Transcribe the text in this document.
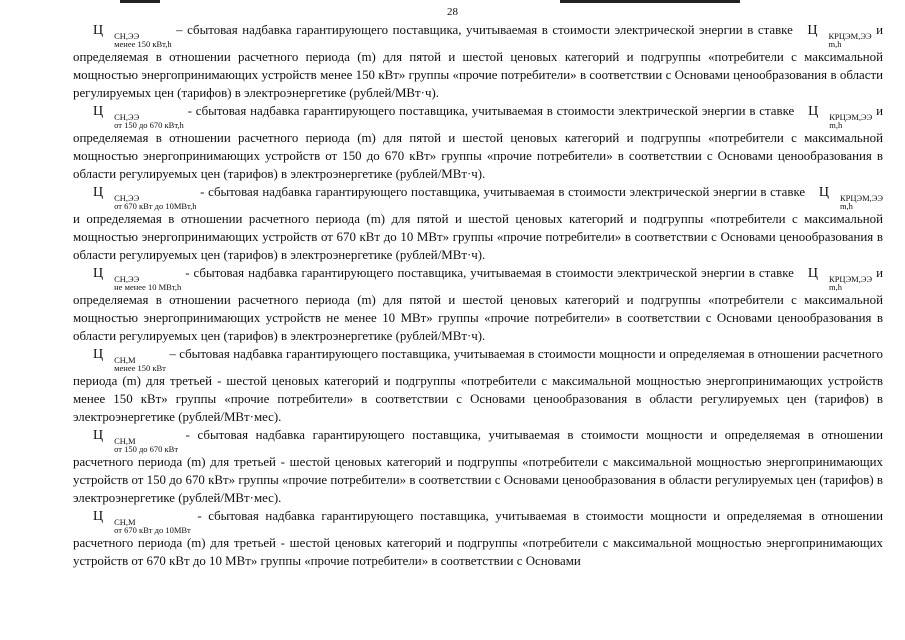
28

Ц	СН,ЭЭ
менее 150 кВт,h
– сбытовая надбавка гарантирующего поставщика, учитываемая в стоимости электрической энергии в ставке Ц	КРЦЭМ,ЭЭ
m,h
и определяемая в отношении расчетного периода (m) для пятой и шестой ценовых категорий и подгруппы «потребители с максимальной мощностью энергопринимающих устройств менее 150 кВт» группы «прочие потребители» в соответствии с Основами ценообразования в области регулируемых цен (тарифов) в электроэнергетике (рублей/МВт·ч).

Ц	СН,ЭЭ
от 150 до 670 кВт,h
- сбытовая надбавка гарантирующего поставщика, учитываемая в стоимости электрической энергии в ставке Ц	КРЦЭМ,ЭЭ
m,h
и определяемая в отношении расчетного периода (m) для пятой и шестой ценовых категорий и подгруппы «потребители с максимальной мощностью энергопринимающих устройств от 150 до 670 кВт» группы «прочие потребители» в соответствии с Основами ценообразования в области регулируемых цен (тарифов) в электроэнергетике (рублей/МВт·ч).

Ц	СН,ЭЭ
от 670 кВт до 10МВт,h
- сбытовая надбавка гарантирующего поставщика, учитываемая в стоимости электрической энергии в ставке Ц	КРЦЭМ,ЭЭ
m,h
и определяемая в отношении расчетного периода (m) для пятой и шестой ценовых категорий и подгруппы «потребители с максимальной мощностью энергопринимающих устройств от 670 кВт до 10 МВт» группы «прочие потребители» в соответствии с Основами ценообразования в области регулируемых цен (тарифов) в электроэнергетике (рублей/МВт·ч).

Ц	СН,ЭЭ
не менее 10 МВт,h
- сбытовая надбавка гарантирующего поставщика, учитываемая в стоимости электрической энергии в ставке Ц	КРЦЭМ,ЭЭ
m,h
и определяемая в отношении расчетного периода (m) для пятой и шестой ценовых категорий и подгруппы «потребители с максимальной мощностью энергопринимающих устройств не менее 10 МВт» группы «прочие потребители» в соответствии с Основами ценообразования в области регулируемых цен (тарифов) в электроэнергетике (рублей/МВт·ч).

Ц	СН,М
менее 150 кВт
– сбытовая надбавка гарантирующего поставщика, учитываемая в стоимости мощности и определяемая в отношении расчетного периода (m) для третьей - шестой ценовых категорий и подгруппы «потребители с максимальной мощностью энергопринимающих устройств менее 150 кВт» группы «прочие потребители» в соответствии с Основами ценообразования в области регулируемых цен (тарифов) в электроэнергетике (рублей/МВт·мес).

Ц	СН,М
от 150 до 670 кВт
- сбытовая надбавка гарантирующего поставщика, учитываемая в стоимости мощности и определяемая в отношении расчетного периода (m) для третьей - шестой ценовых категорий и подгруппы «потребители с максимальной мощностью энергопринимающих устройств от 150 до 670 кВт» группы «прочие потребители» в соответствии с Основами ценообразования в области регулируемых цен (тарифов) в электроэнергетике (рублей/МВт·мес).

Ц	СН,М
от 670 кВт до 10МВт
- сбытовая надбавка гарантирующего поставщика, учитываемая в стоимости мощности и определяемая в отношении расчетного периода (m) для третьей - шестой ценовых категорий и подгруппы «потребители с максимальной мощностью энергопринимающих устройств от 670 кВт до 10 МВт» группы «прочие потребители» в соответствии с Основами
